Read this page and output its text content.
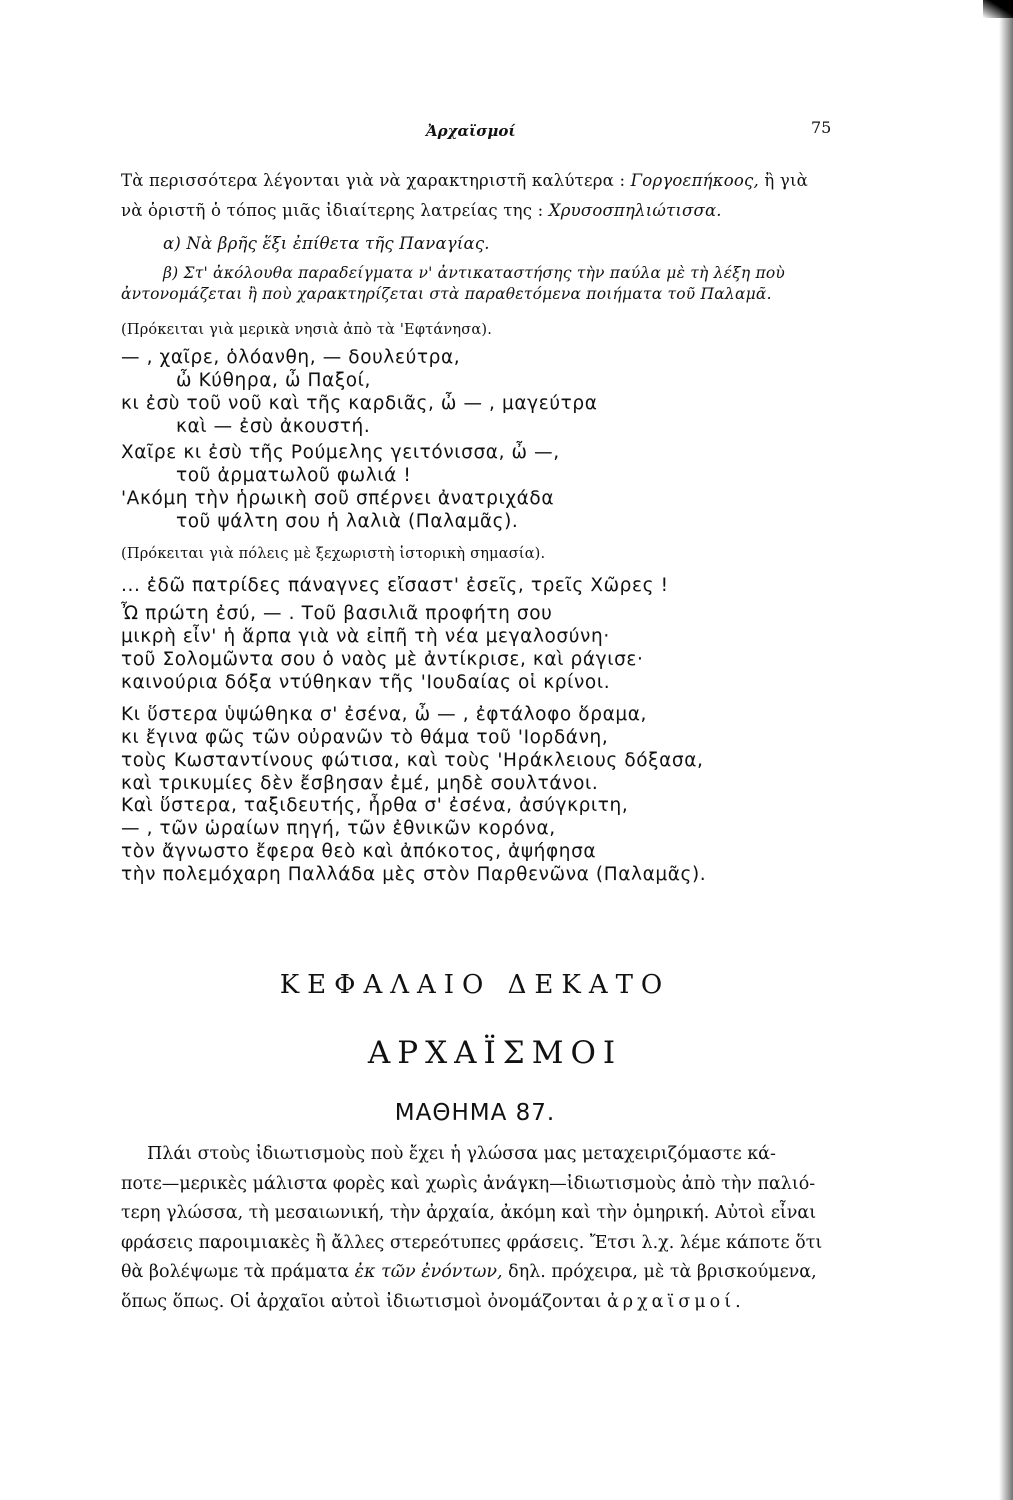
Ἀρχαϊσμοί	75
Τὰ περισσότερα λέγονται γιὰ νὰ χαρακτηριστῆ καλύτερα : Γοργοεπήκοος, ἢ γιὰ
νὰ ὁριστῆ ὁ τόπος μιᾶς ἰδιαίτερης λατρείας της : Χρυσοσπηλιώτισσα.
α) Νὰ βρῆς ἕξι ἐπίθετα τῆς Παναγίας.
β) Στ' ἀκόλουθα παραδείγματα ν' ἀντικαταστήσης τὴν παύλα μὲ τὴ λέξη ποὺ
ἀντονομάζεται ἢ ποὺ χαρακτηρίζεται στὰ παραθετόμενα ποιήματα τοῦ Παλαμᾶ.
(Πρόκειται γιὰ μερικὰ νησιὰ ἀπὸ τὰ 'Εφτάνησα).
— , χαῖρε, ὁλόανθη, — δουλεύτρα,
ὦ Κύθηρα, ὦ Παξοί,
κι ἐσὺ τοῦ νοῦ καὶ τῆς καρδιᾶς, ὦ — , μαγεύτρα
καὶ — ἐσὺ ἀκουστή.
Χαῖρε κι ἐσὺ τῆς Ρούμελης γειτόνισσα, ὦ —,
τοῦ ἀρματωλοῦ φωλιά !
'Ακόμη τὴν ἡρωικὴ σοῦ σπέρνει ἀνατριχάδα
τοῦ ψάλτη σου ἡ λαλιὰ (Παλαμᾶς).
(Πρόκειται γιὰ πόλεις μὲ ξεχωριστὴ ἱστορικὴ σημασία).
... ἐδῶ πατρίδες πάναγνες εἴσαστ' ἐσεῖς, τρεῖς Χῶρες !
Ὦ πρώτη ἐσύ, — . Τοῦ βασιλιᾶ προφήτη σου
μικρὴ εἶν' ἡ ἅρπα γιὰ νὰ εἰπῆ τὴ νέα μεγαλοσύνη·
τοῦ Σολομῶντα σου ὁ ναὸς μὲ ἀντίκρισε, καὶ ράγισε·
καινούρια δόξα ντύθηκαν τῆς 'Ιουδαίας οἱ κρίνοι.
Κι ὕστερα ὑψώθηκα σ' ἐσένα, ὦ — , ἐφτάλοφο ὅραμα,
κι ἔγινα φῶς τῶν οὐρανῶν τὸ θάμα τοῦ 'Ιορδάνη,
τοὺς Κωσταντίνους φώτισα, καὶ τοὺς 'Ηράκλειους δόξασα,
καὶ τρικυμίες δὲν ἔσβησαν ἐμέ, μηδὲ σουλτάνοι.
Καὶ ὕστερα, ταξιδευτής, ἦρθα σ' ἐσένα, ἀσύγκριτη,
— , τῶν ὡραίων πηγή, τῶν ἐθνικῶν κορόνα,
τὸν ἄγνωστο ἔφερα θεὸ καὶ ἀπόκοτος, ἀψήφησα
τὴν πολεμόχαρη Παλλάδα μὲς στὸν Παρθενῶνα (Παλαμᾶς).
ΚΕΦΑΛΑΙΟ ΔΕΚΑΤΟ
ΑΡΧΑΪΣΜΟΙ
ΜΑΘΗΜΑ 87.
Πλάι στοὺς ἰδιωτισμοὺς ποὺ ἔχει ἡ γλώσσα μας μεταχειριζόμαστε κά-
ποτε—μερικὲς μάλιστα φορὲς καὶ χωρὶς ἀνάγκη—ἰδιωτισμοὺς ἀπὸ τὴν παλιό-
τερη γλώσσα, τὴ μεσαιωνική, τὴν ἀρχαία, ἀκόμη καὶ τὴν ὁμηρική. Αὐτοὶ εἶναι
φράσεις παροιμιακὲς ἢ ἄλλες στερεότυπες φράσεις. Ἔτσι λ.χ. λέμε κάποτε ὅτι
θὰ βολέψωμε τὰ πράματα ἐκ τῶν ἐνόντων, δηλ. πρόχειρα, μὲ τὰ βρισκούμενα,
ὅπως ὅπως. Οἱ ἀρχαῖοι αὐτοὶ ἰδιωτισμοὶ ὀνομάζονται ἀρχαϊσμοί.
